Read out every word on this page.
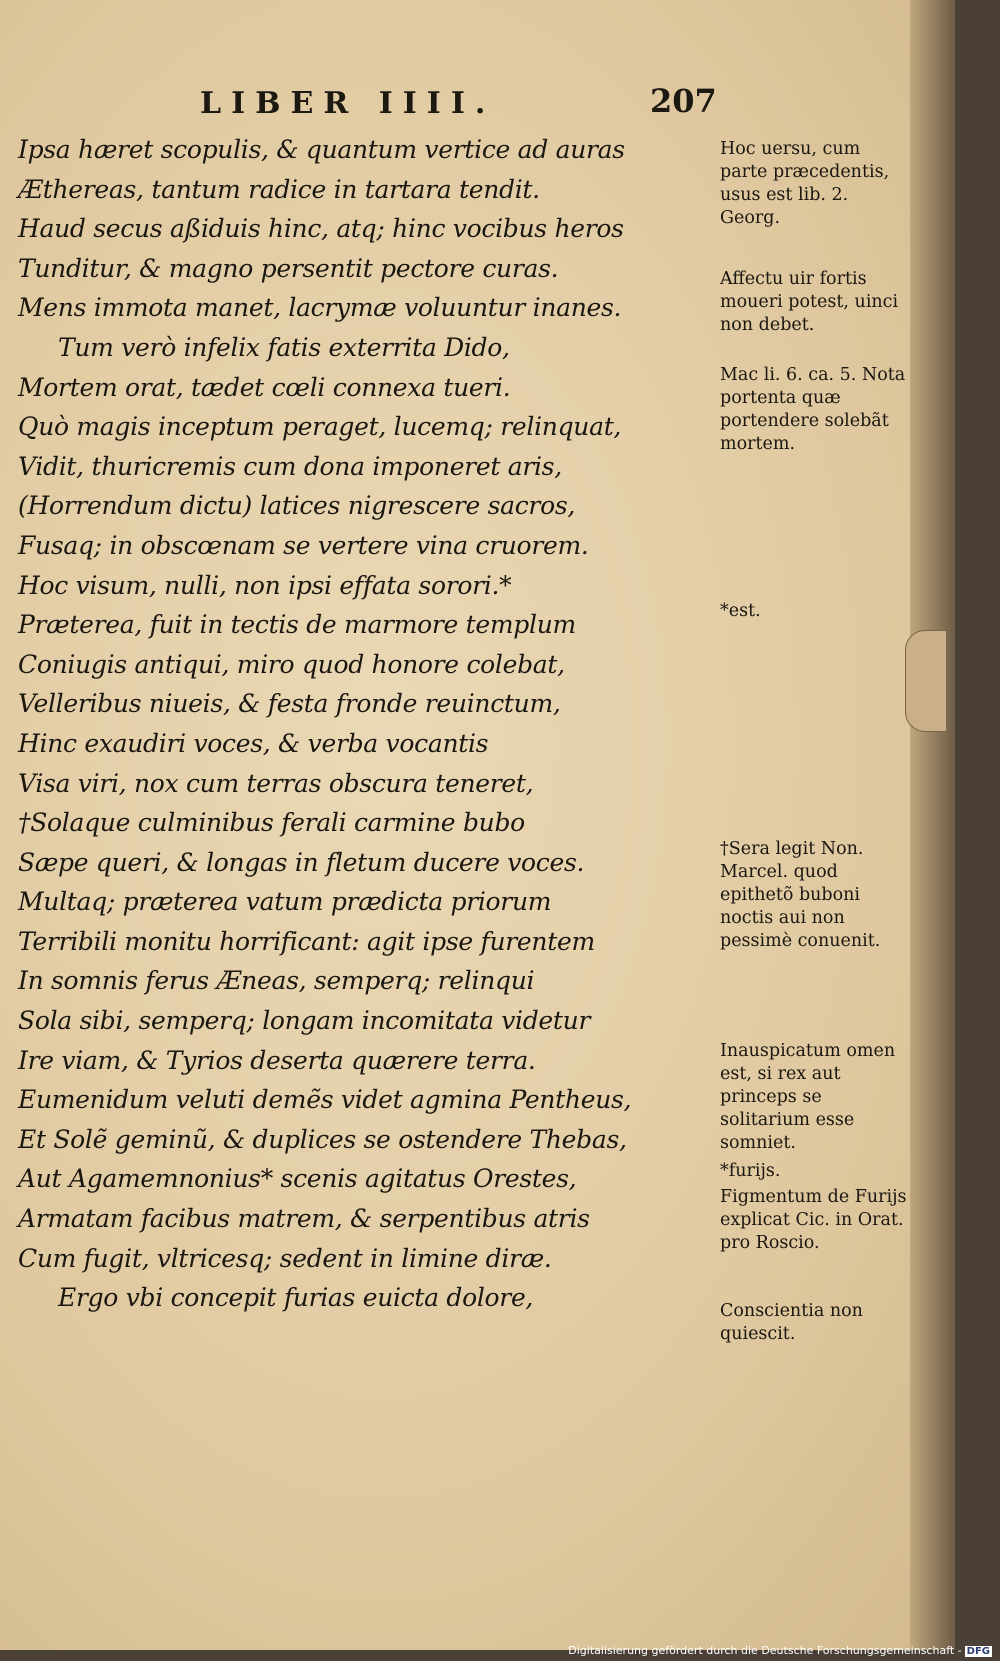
LIBER IIII.	207
Ipsa hæret scopulis, & quantum vertice ad auras
Æthereas, tantum radice in tartara tendit.
Haud secus aßiduis hinc, atq; hinc vocibus heros
Tunditur, & magno persentit pectore curas.
Mens immota manet, lacrymæ voluuntur inanes.
Tum verò infelix fatis exterrita Dido,
Mortem orat, tædet cœli connexa tueri.
Quò magis inceptum peraget, lucemq; relinquat,
Vidit, thuricremis cum dona imponeret aris,
(Horrendum dictu) latices nigrescere sacros,
Fusaq; in obscœnam se vertere vina cruorem.
Hoc visum, nulli, non ipsi effata sorori.*
Præterea, fuit in tectis de marmore templum
Coniugis antiqui, miro quod honore colebat,
Velleribus niueis, & festa fronde reuinctum,
Hinc exaudiri voces, & verba vocantis
Visa viri, nox cum terras obscura teneret,
†Solaque culminibus ferali carmine bubo
Sæpe queri, & longas in fletum ducere voces.
Multaq; præterea vatum prædicta priorum
Terribili monitu horrificant: agit ipse furentem
In somnis ferus Æneas, semperq; relinqui
Sola sibi, semperq; longam incomitata videtur
Ire viam, & Tyrios deserta quærere terra.
Eumenidum veluti demẽs videt agmina Pentheus,
Et Solẽ geminũ, & duplices se ostendere Thebas,
Aut Agamemnonius* scenis agitatus Orestes,
Armatam facibus matrem, & serpentibus atris
Cum fugit, vltricesq; sedent in limine diræ.
Ergo vbi concepit furias euicta dolore,
Hoc uersu, cum parte præcedentis, usus est lib. 2. Georg.
Affectu uir fortis moueri potest, uinci non debet.
Mac li. 6. ca. 5. Nota portenta quæ portendere solebãt mortem.
*est.
†Sera legit Non. Marcel. quod epithetõ buboni noctis aui non pessimè conuenit.
Inauspicatum omen est, si rex aut princeps se solitarium esse somniet.
*furijs.
Figmentum de Furijs explicat Cic. in Orat. pro Roscio.
Conscientia non quiescit.
Digitalisierung gefördert durch die Deutsche Forschungsgemeinschaft - DFG
